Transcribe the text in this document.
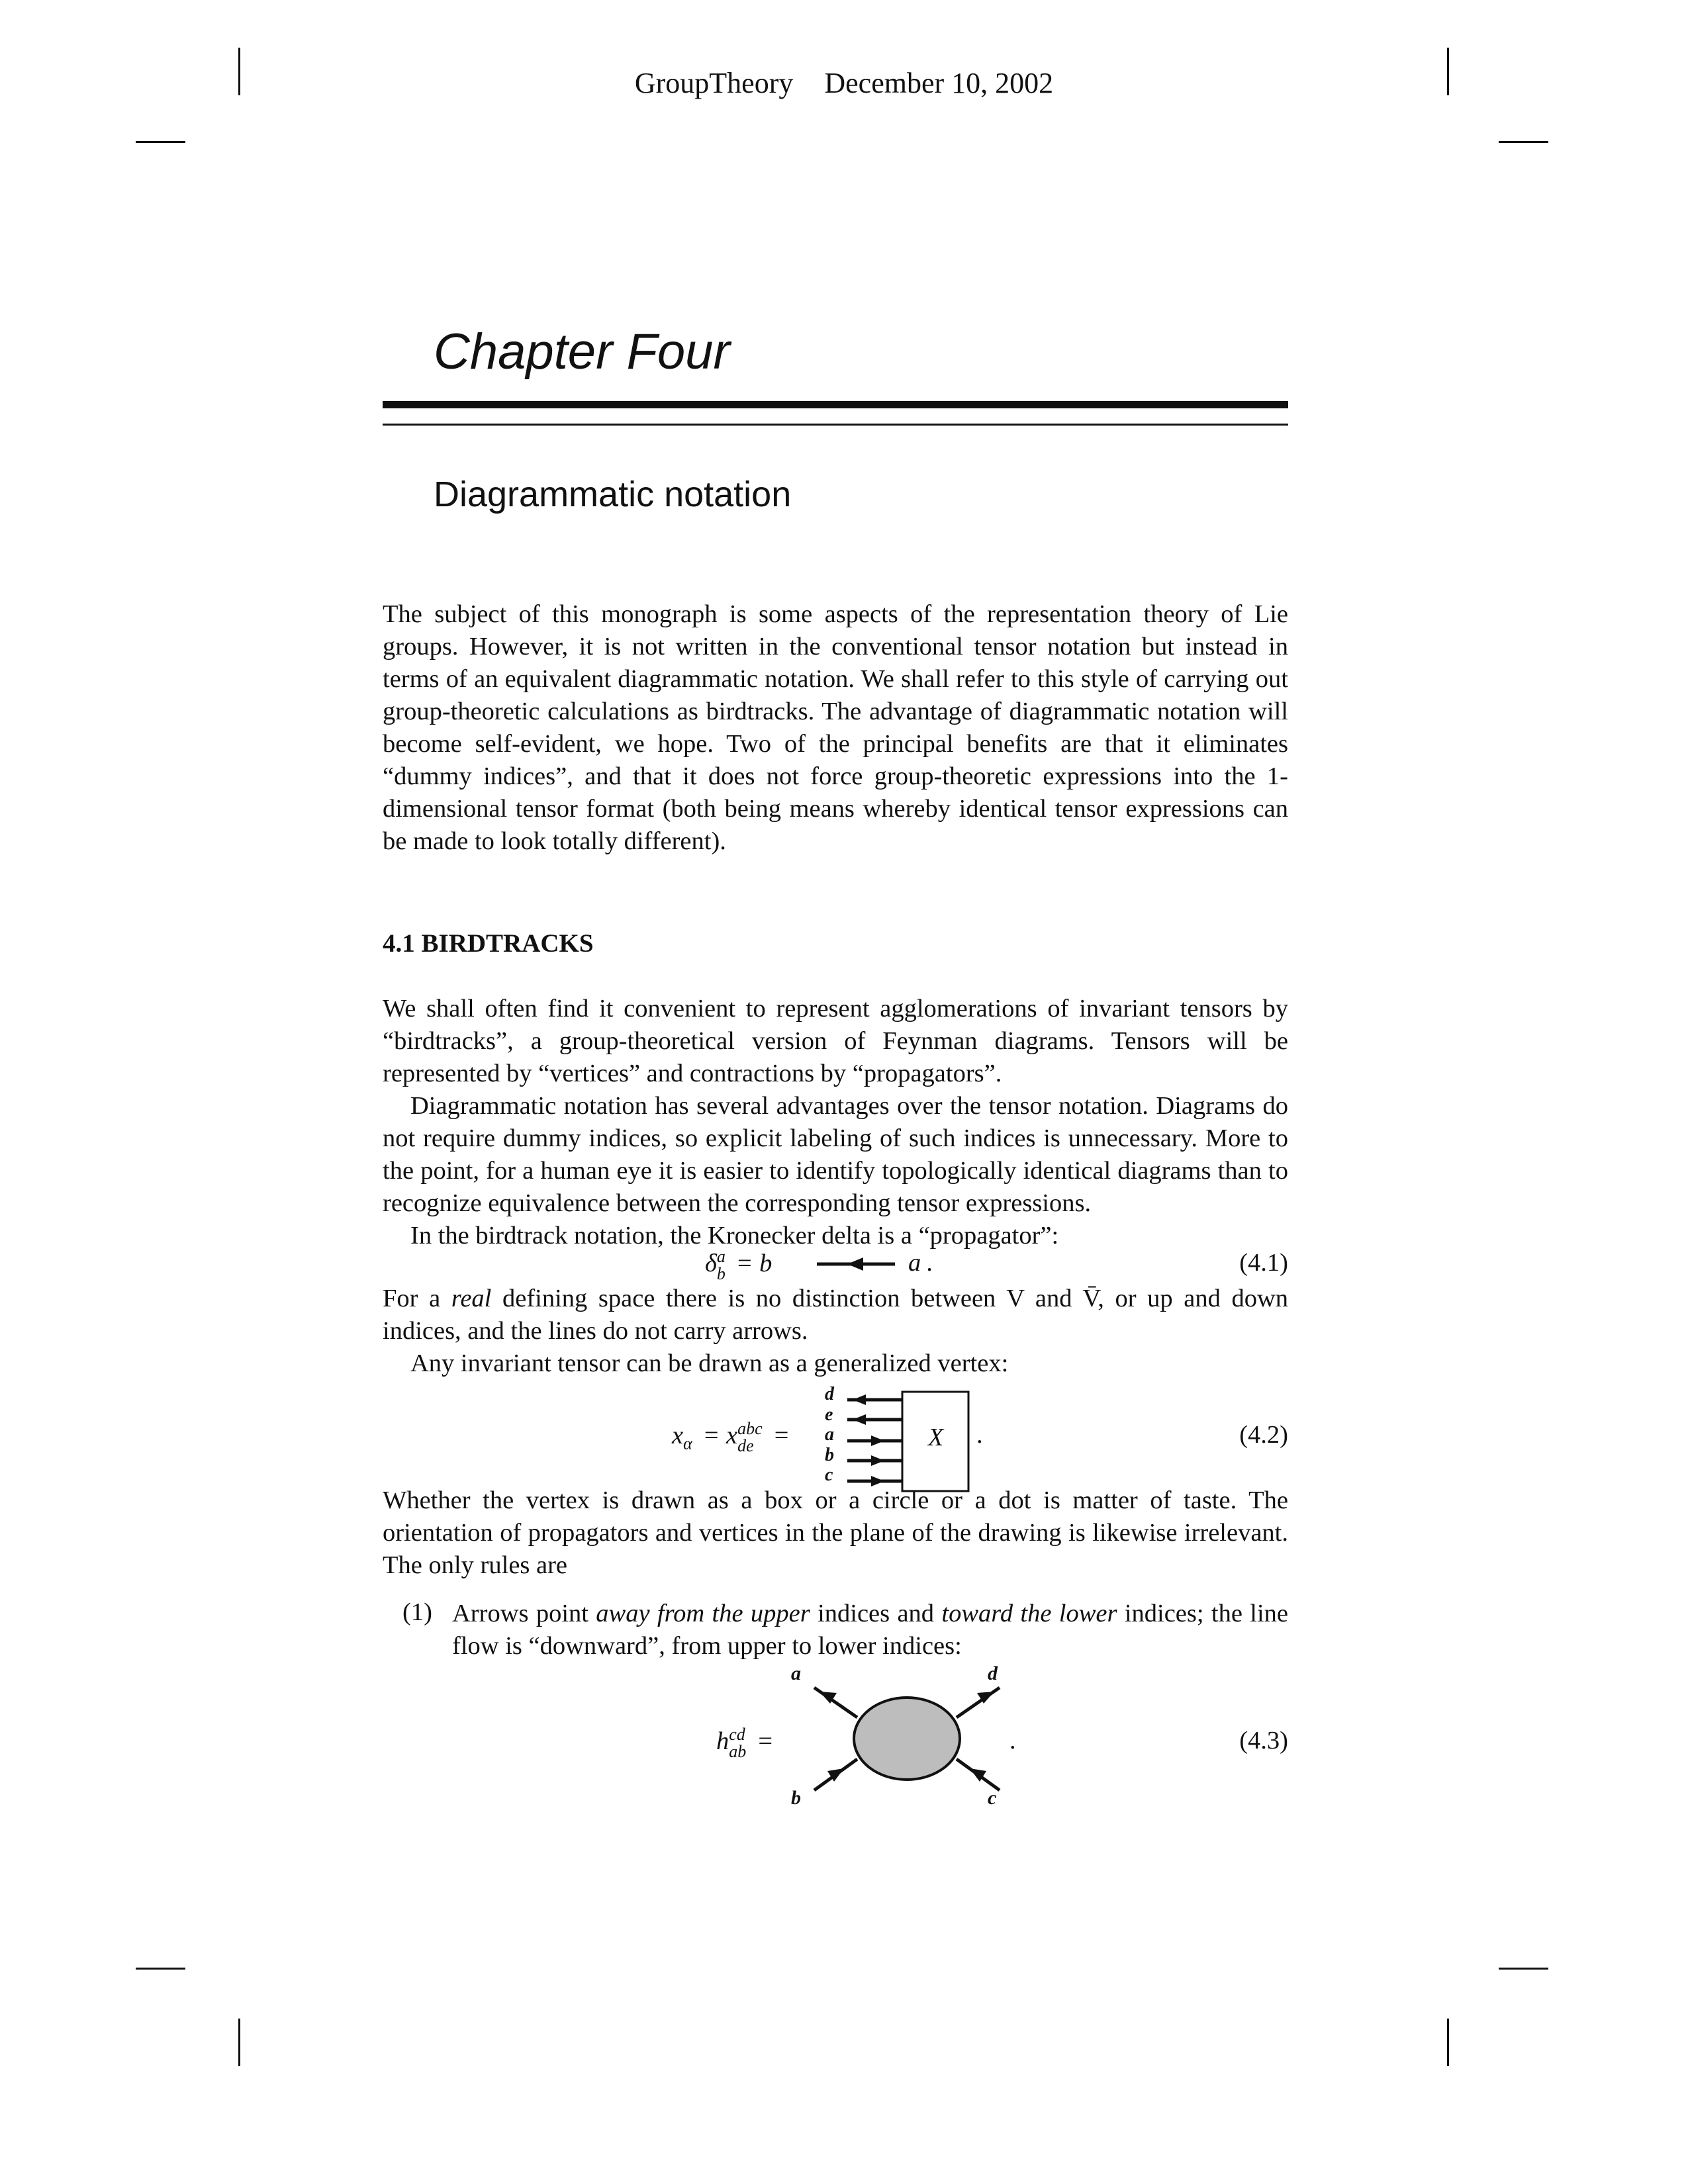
GroupTheory December 10, 2002
Chapter Four
Diagrammatic notation

The subject of this monograph is some aspects of the representation theory of Lie groups. However, it is not written in the conventional tensor notation but instead in terms of an equivalent diagrammatic notation. We shall refer to this style of carrying out group-theoretic calculations as birdtracks. The advantage of diagrammatic notation will become self-evident, we hope. Two of the principal benefits are that it eliminates “dummy indices”, and that it does not force group-theoretic expressions into the 1-dimensional tensor format (both being means whereby identical tensor expressions can be made to look totally different).

4.1 BIRDTRACKS

We shall often find it convenient to represent agglomerations of invariant tensors by “birdtracks”, a group-theoretical version of Feynman diagrams. Tensors will be represented by “vertices” and contractions by “propagators”.

Diagrammatic notation has several advantages over the tensor notation. Diagrams do not require dummy indices, so explicit labeling of such indices is unnecessary. More to the point, for a human eye it is easier to identify topologically identical diagrams than to recognize equivalence between the corresponding tensor expressions.

In the birdtrack notation, the Kronecker delta is a “propagator”:

δ a
b = b	a .	(4.1)

For a real defining space there is no distinction between V and V̄, or up and down indices, and the lines do not carry arrows.

Any invariant tensor can be drawn as a generalized vertex:

$x_\alpha = x$ abc
de =
d
e
a
b
c
X .	(4.2)

Whether the vertex is drawn as a box or a circle or a dot is matter of taste. The orientation of propagators and vertices in the plane of the drawing is likewise irrelevant. The only rules are

(1) Arrows point away from the upper indices and toward the lower indices; the line flow is “downward”, from upper to lower indices:
h cd
ab =
a	d
b	c
.	(4.3)
